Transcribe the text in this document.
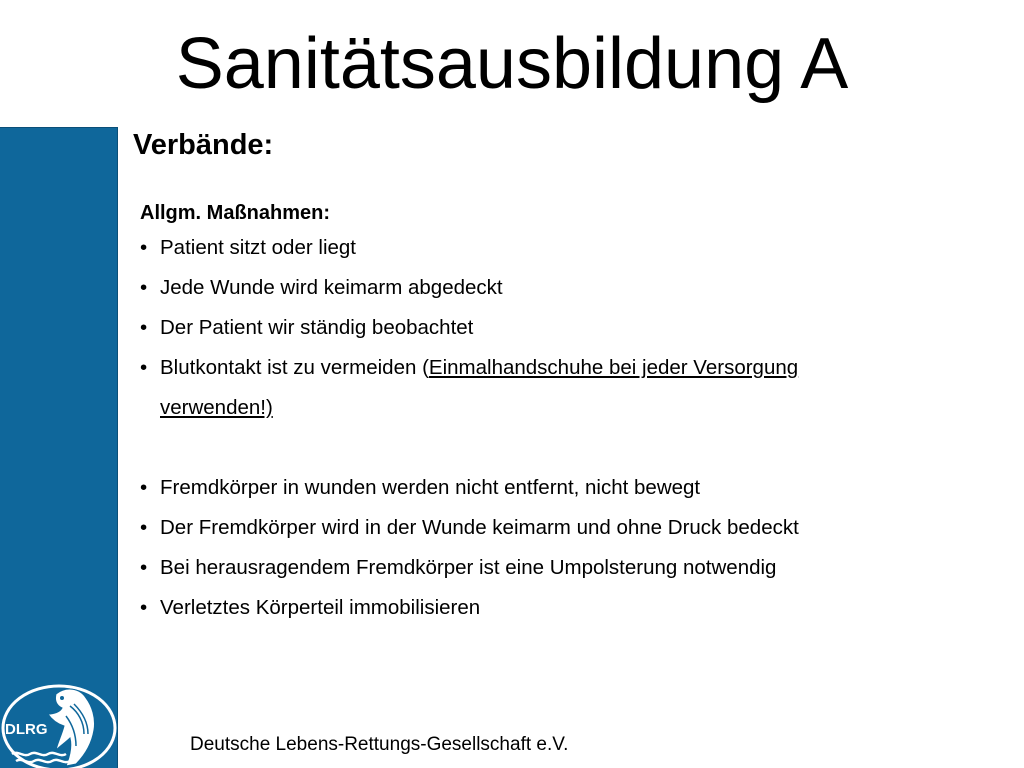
Sanitätsausbildung A
DLRG
Verbände:
Allgm. Maßnahmen:
• Patient sitzt oder liegt
• Jede Wunde wird keimarm abgedeckt
• Der Patient wir ständig beobachtet
• Blutkontakt ist zu vermeiden (Einmalhandschuhe bei jeder Versorgung
verwenden!)
• Fremdkörper in wunden werden nicht entfernt, nicht bewegt
• Der Fremdkörper wird in der Wunde keimarm und ohne Druck bedeckt
• Bei herausragendem Fremdkörper ist eine Umpolsterung notwendig
• Verletztes Körperteil immobilisieren

Deutsche Lebens-Rettungs-Gesellschaft e.V.
